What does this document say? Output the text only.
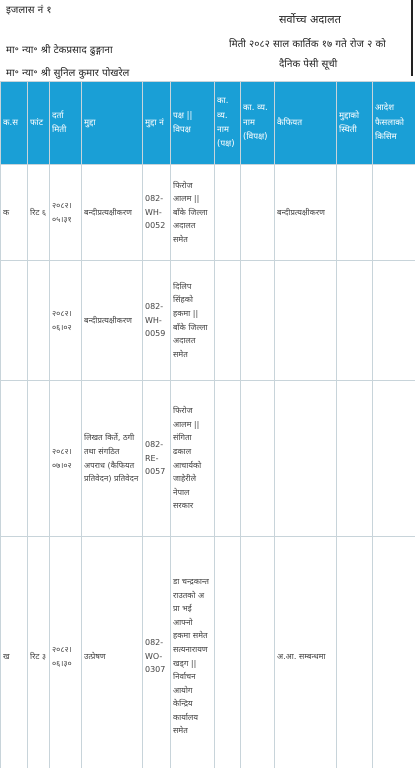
इजलास नं १
सर्वोच्च अदालत
मिती २०८२ साल कार्तिक १७ गते रोज २ को
दैनिक पेसी सूची
मा॰ न्या॰ श्री टेकप्रसाद ढुङ्गाना
मा॰ न्या॰ श्री सुनिल कुमार पोखरेल
क.स	फांट	दर्ता मिती	मुद्दा	मुद्दा नं	पक्ष || विपक्ष	का. व्य. नाम (पक्ष)	का. व्य. नाम (विपक्ष)	कैफियत	मुद्दाको स्थिती	आदेश फैसलाको किसिम
क	रिट ६	२०८२।०५।३१	बन्दीप्रत्यक्षीकरण	082-WH-0052	फिरोज आलम || बाँके जिल्ला अदालत समेत			बन्दीप्रत्यक्षीकरण		
		२०८२।०६।०२	बन्दीप्रत्यक्षीकरण	082-WH-0059	दिलिप सिंहको हकमा || बाँके जिल्ला अदालत समेत					
		२०८२।०७।०२	लिखत किर्ते, ठगी तथा संगठित अपराध (कैफियत प्रतिवेदन) प्रतिवेदन	082-RE-0057	फिरोज आलम || संगिता ढकाल आचार्यको जाहेरीले नेपाल सरकार					
ख	रिट ३	२०८२।०६।३०	उत्प्रेषण	082-WO-0307	डा चन्द्रकान्त राउतको अ प्रा भई आफ्नो हकमा समेत सत्यनारायण खड्ग || निर्वाचन आयोग केन्द्रिय कार्यालय समेत			अ.आ. सम्बन्धमा		
